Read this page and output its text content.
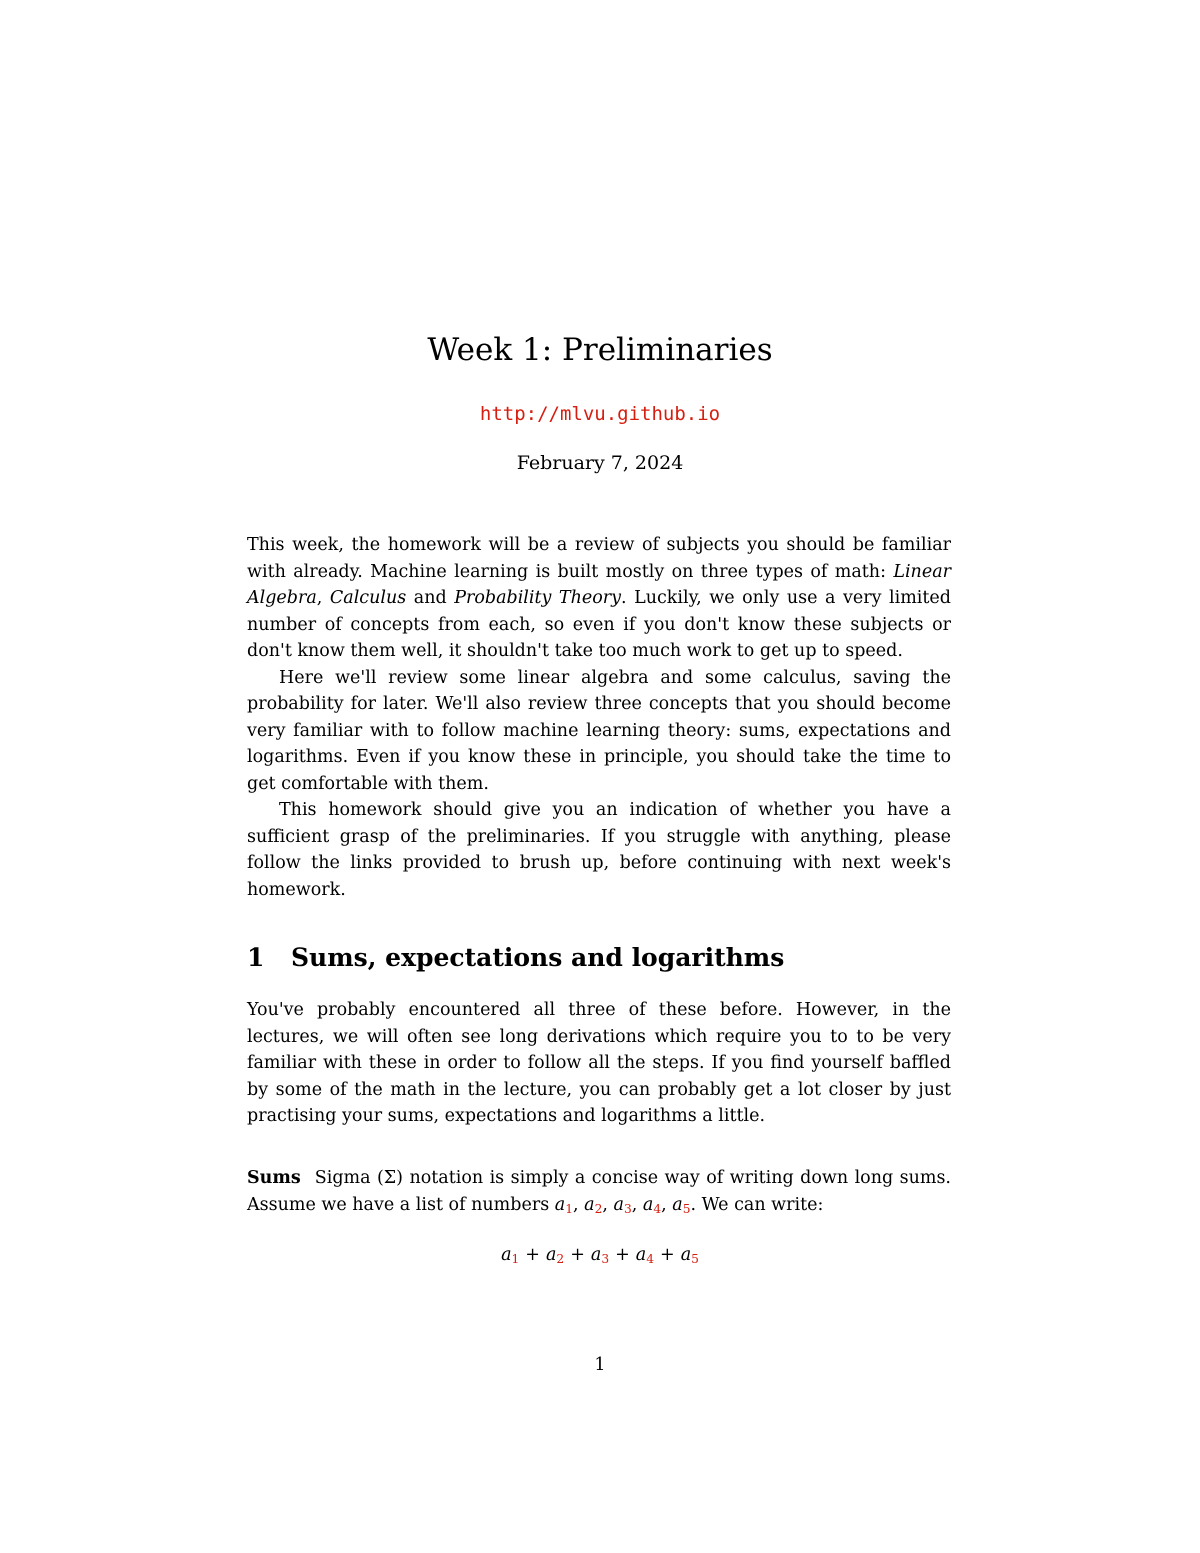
Week 1: Preliminaries
http://mlvu.github.io
February 7, 2024

This week, the homework will be a review of subjects you should be familiar with already. Machine learning is built mostly on three types of math: Linear Algebra, Calculus and Probability Theory. Luckily, we only use a very limited number of concepts from each, so even if you don't know these subjects or don't know them well, it shouldn't take too much work to get up to speed.

Here we'll review some linear algebra and some calculus, saving the probability for later. We'll also review three concepts that you should become very familiar with to follow machine learning theory: sums, expectations and logarithms. Even if you know these in principle, you should take the time to get comfortable with them.

This homework should give you an indication of whether you have a sufficient grasp of the preliminaries. If you struggle with anything, please follow the links provided to brush up, before continuing with next week's homework.

1 Sums, expectations and logarithms

You've probably encountered all three of these before. However, in the lectures, we will often see long derivations which require you to to be very familiar with these in order to follow all the steps. If you find yourself baffled by some of the math in the lecture, you can probably get a lot closer by just practising your sums, expectations and logarithms a little.

Sums Sigma (Σ) notation is simply a concise way of writing down long sums. Assume we have a list of numbers $a_1$, $a_2$, $a_3$, $a_4$, $a_5$. We can write:

$a_1 + a_2 + a_3 + a_4 + a_5$
1
